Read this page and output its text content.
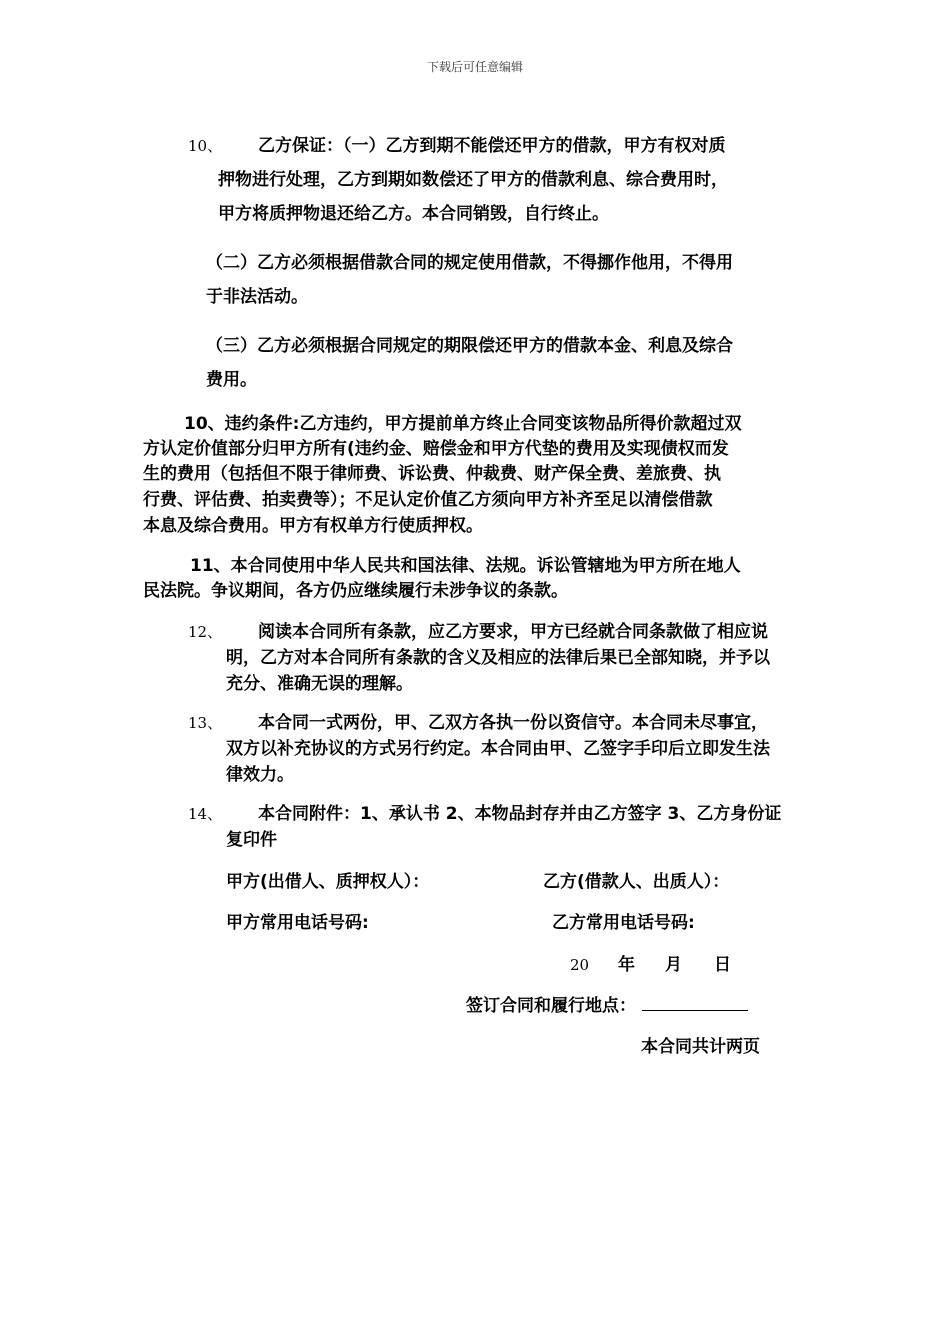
下载后可任意编辑
10、 乙方保证：（一）乙方到期不能偿还甲方的借款，甲方有权对质
押物进行处理，乙方到期如数偿还了甲方的借款利息、综合费用时，
甲方将质押物退还给乙方。本合同销毁，自行终止。
（二）乙方必须根据借款合同的规定使用借款，不得挪作他用，不得用
于非法活动。
（三）乙方必须根据合同规定的期限偿还甲方的借款本金、利息及综合
费用。
10、违约条件:乙方违约，甲方提前单方终止合同变该物品所得价款超过双
方认定价值部分归甲方所有(违约金、赔偿金和甲方代垫的费用及实现债权而发
生的费用（包括但不限于律师费、诉讼费、仲裁费、财产保全费、差旅费、执
行费、评估费、拍卖费等）；不足认定价值乙方须向甲方补齐至足以清偿借款
本息及综合费用。甲方有权单方行使质押权。
11、本合同使用中华人民共和国法律、法规。诉讼管辖地为甲方所在地人
民法院。争议期间，各方仍应继续履行未涉争议的条款。
12、 阅读本合同所有条款，应乙方要求，甲方已经就合同条款做了相应说
明，乙方对本合同所有条款的含义及相应的法律后果已全部知晓，并予以
充分、准确无误的理解。
13、 本合同一式两份，甲、乙双方各执一份以资信守。本合同未尽事宜，
双方以补充协议的方式另行约定。本合同由甲、乙签字手印后立即发生法
律效力。
14、 本合同附件：1、承认书 2、本物品封存并由乙方签字 3、乙方身份证
复印件
甲方(出借人、质押权人）：	乙方(借款人、出质人）：
甲方常用电话号码:	乙方常用电话号码:
20 年 月 日
签订合同和履行地点：
本合同共计两页
